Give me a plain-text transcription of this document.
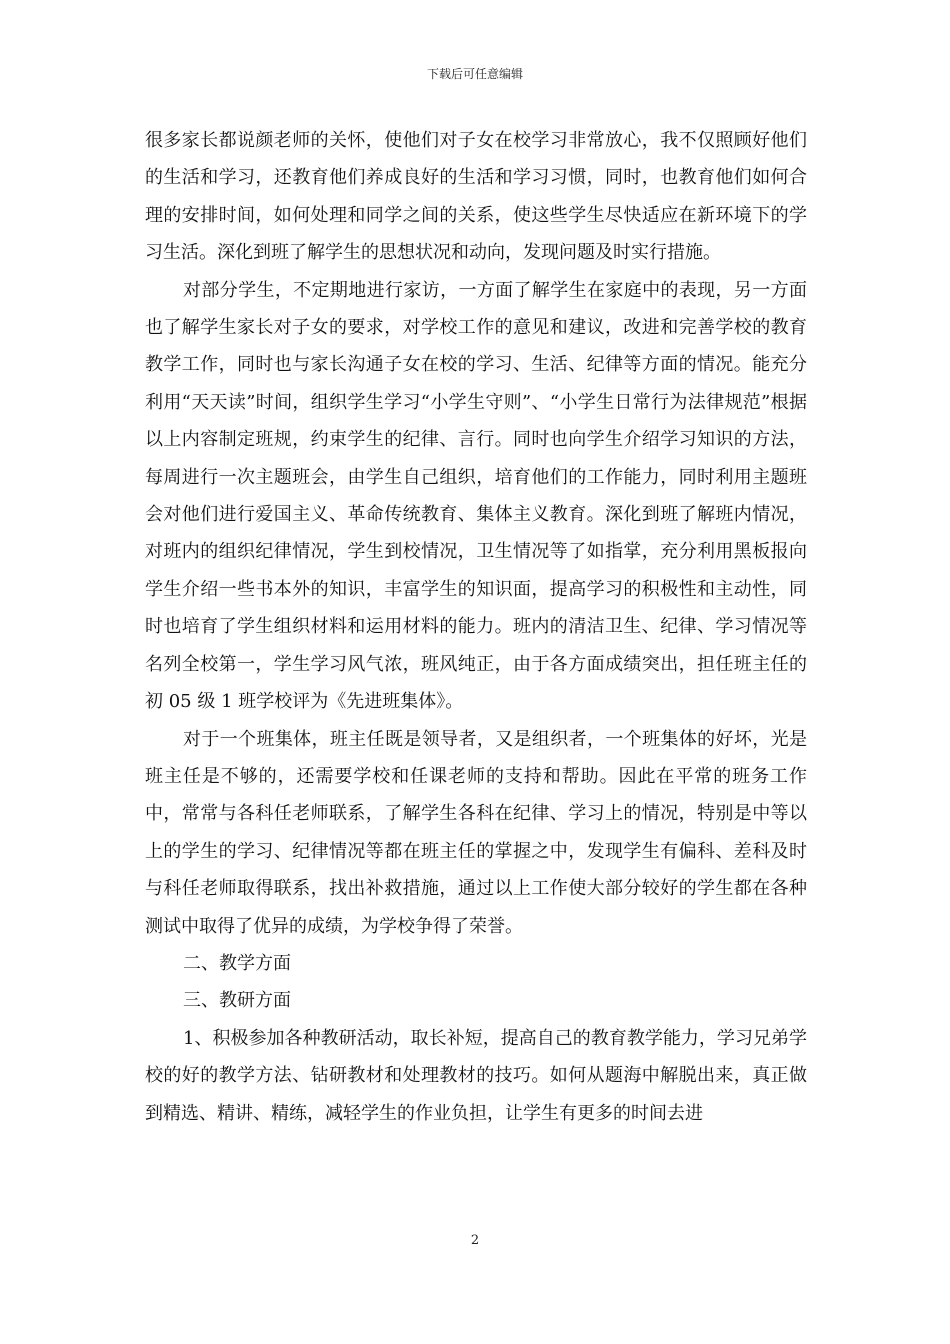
下载后可任意编辑

很多家长都说颜老师的关怀，使他们对子女在校学习非常放心，我不仅照顾好他们的生活和学习，还教育他们养成良好的生活和学习习惯，同时，也教育他们如何合理的安排时间，如何处理和同学之间的关系，使这些学生尽快适应在新环境下的学习生活。深化到班了解学生的思想状况和动向，发现问题及时实行措施。

对部分学生，不定期地进行家访，一方面了解学生在家庭中的表现，另一方面也了解学生家长对子女的要求，对学校工作的意见和建议，改进和完善学校的教育教学工作，同时也与家长沟通子女在校的学习、生活、纪律等方面的情况。能充分利用“天天读”时间，组织学生学习“小学生守则”、“小学生日常行为法律规范”根据以上内容制定班规，约束学生的纪律、言行。同时也向学生介绍学习知识的方法，每周进行一次主题班会，由学生自己组织，培育他们的工作能力，同时利用主题班会对他们进行爱国主义、革命传统教育、集体主义教育。深化到班了解班内情况，对班内的组织纪律情况，学生到校情况，卫生情况等了如指掌，充分利用黑板报向学生介绍一些书本外的知识，丰富学生的知识面，提高学习的积极性和主动性，同时也培育了学生组织材料和运用材料的能力。班内的清洁卫生、纪律、学习情况等名列全校第一，学生学习风气浓，班风纯正，由于各方面成绩突出，担任班主任的初 05 级 1 班学校评为《先进班集体》。

对于一个班集体，班主任既是领导者，又是组织者，一个班集体的好坏，光是班主任是不够的，还需要学校和任课老师的支持和帮助。因此在平常的班务工作中，常常与各科任老师联系，了解学生各科在纪律、学习上的情况，特别是中等以上的学生的学习、纪律情况等都在班主任的掌握之中，发现学生有偏科、差科及时与科任老师取得联系，找出补救措施，通过以上工作使大部分较好的学生都在各种测试中取得了优异的成绩，为学校争得了荣誉。

二、教学方面

三、教研方面

1、积极参加各种教研活动，取长补短，提高自己的教育教学能力，学习兄弟学校的好的教学方法、钻研教材和处理教材的技巧。如何从题海中解脱出来，真正做到精选、精讲、精练，减轻学生的作业负担，让学生有更多的时间去进

2
